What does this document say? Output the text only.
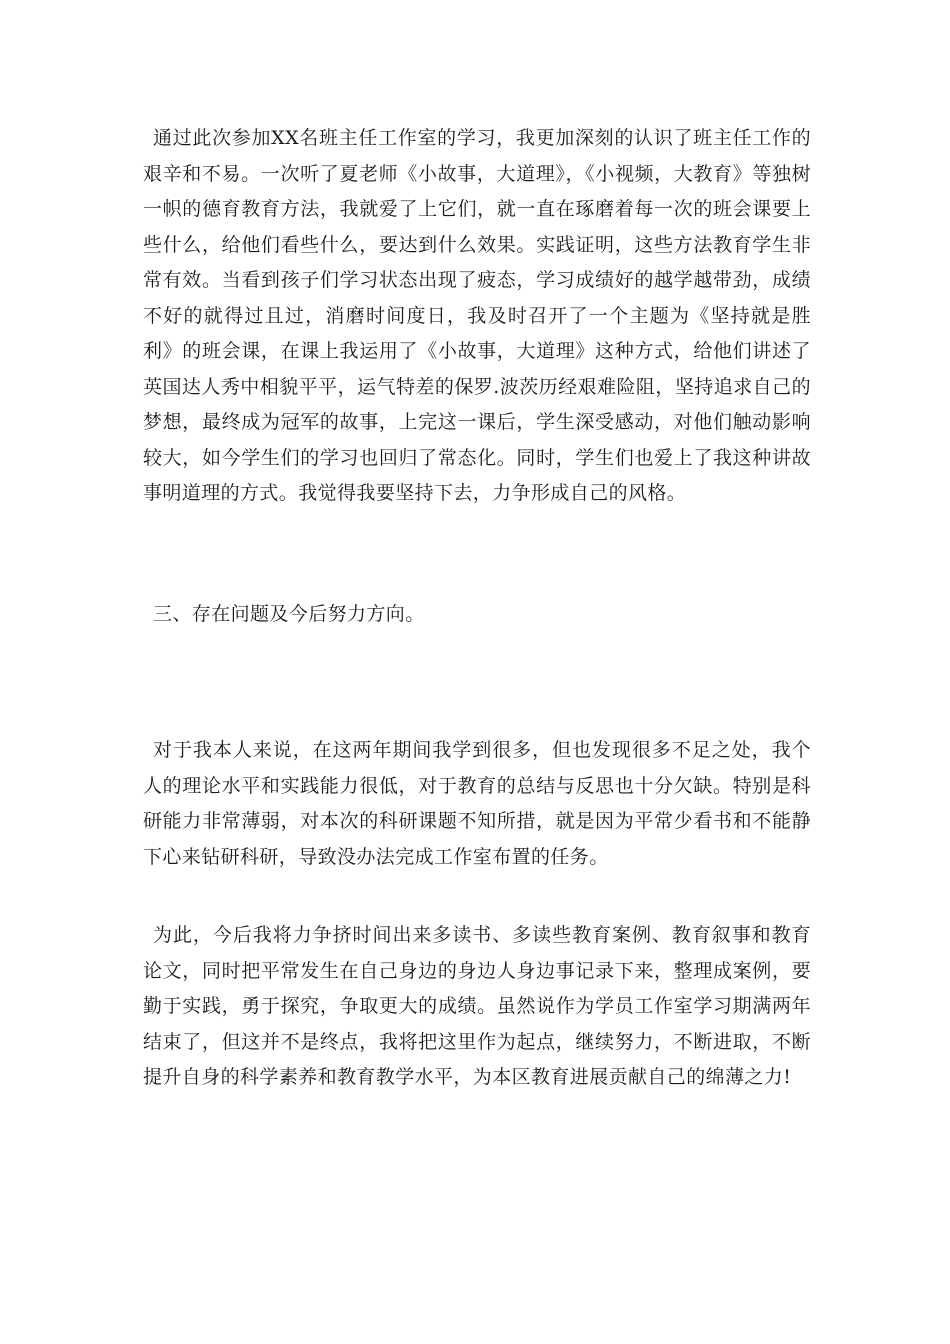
通过此次参加XX名班主任工作室的学习，我更加深刻的认识了班主任工作的艰辛和不易。一次听了夏老师《小故事，大道理》，《小视频，大教育》等独树一帜的德育教育方法，我就爱了上它们，就一直在琢磨着每一次的班会课要上些什么，给他们看些什么，要达到什么效果。实践证明，这些方法教育学生非常有效。当看到孩子们学习状态出现了疲态，学习成绩好的越学越带劲，成绩不好的就得过且过，消磨时间度日，我及时召开了一个主题为《坚持就是胜利》的班会课，在课上我运用了《小故事，大道理》这种方式，给他们讲述了英国达人秀中相貌平平，运气特差的保罗.波茨历经艰难险阻，坚持追求自己的梦想，最终成为冠军的故事，上完这一课后，学生深受感动，对他们触动影响较大，如今学生们的学习也回归了常态化。同时，学生们也爱上了我这种讲故事明道理的方式。我觉得我要坚持下去，力争形成自己的风格。

三、存在问题及今后努力方向。

对于我本人来说，在这两年期间我学到很多，但也发现很多不足之处，我个人的理论水平和实践能力很低，对于教育的总结与反思也十分欠缺。特别是科研能力非常薄弱，对本次的科研课题不知所措，就是因为平常少看书和不能静下心来钻研科研，导致没办法完成工作室布置的任务。

为此，今后我将力争挤时间出来多读书、多读些教育案例、教育叙事和教育论文，同时把平常发生在自己身边的身边人身边事记录下来，整理成案例，要勤于实践，勇于探究，争取更大的成绩。虽然说作为学员工作室学习期满两年结束了，但这并不是终点，我将把这里作为起点，继续努力，不断进取，不断提升自身的科学素养和教育教学水平，为本区教育进展贡献自己的绵薄之力!
